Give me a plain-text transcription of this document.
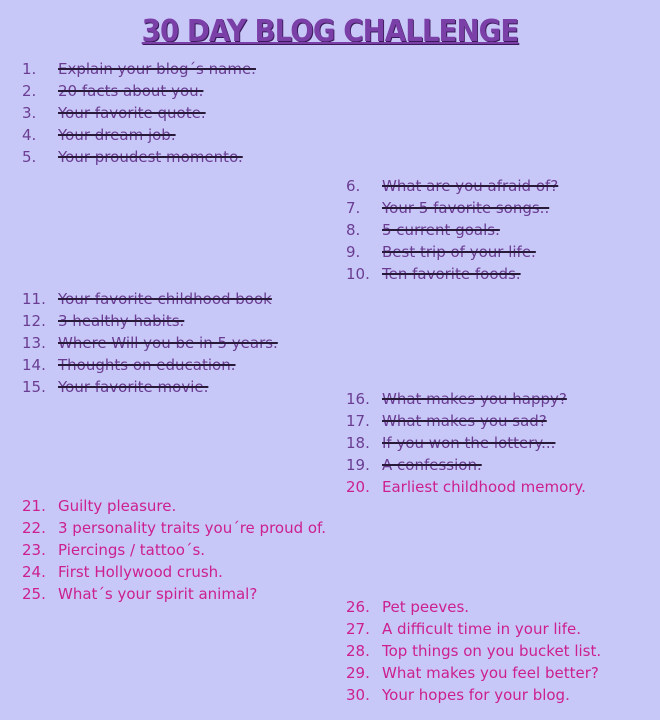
30 DAY BLOG CHALLENGE
1. Explain your blog´s name.
2. 20 facts about you.
3. Your favorite quote.
4. Your dream job.
5. Your proudest momento.
6. What are you afraid of?
7. Your 5 favorite songs..
8. 5 current goals.
9. Best trip of your life.
10. Ten favorite foods.
11. Your favorite childhood book
12. 3 healthy habits.
13. Where Will you be in 5 years.
14. Thoughts on education.
15. Your favorite movie.
16. What makes you happy?
17. What makes you sad?
18. If you won the lottery...
19. A confession.
20. Earliest childhood memory.
21. Guilty pleasure.
22. 3 personality traits you´re proud of.
23. Piercings / tattoo´s.
24. First Hollywood crush.
25. What´s your spirit animal?
26. Pet peeves.
27. A difficult time in your life.
28. Top things on you bucket list.
29. What makes you feel better?
30. Your hopes for your blog.
